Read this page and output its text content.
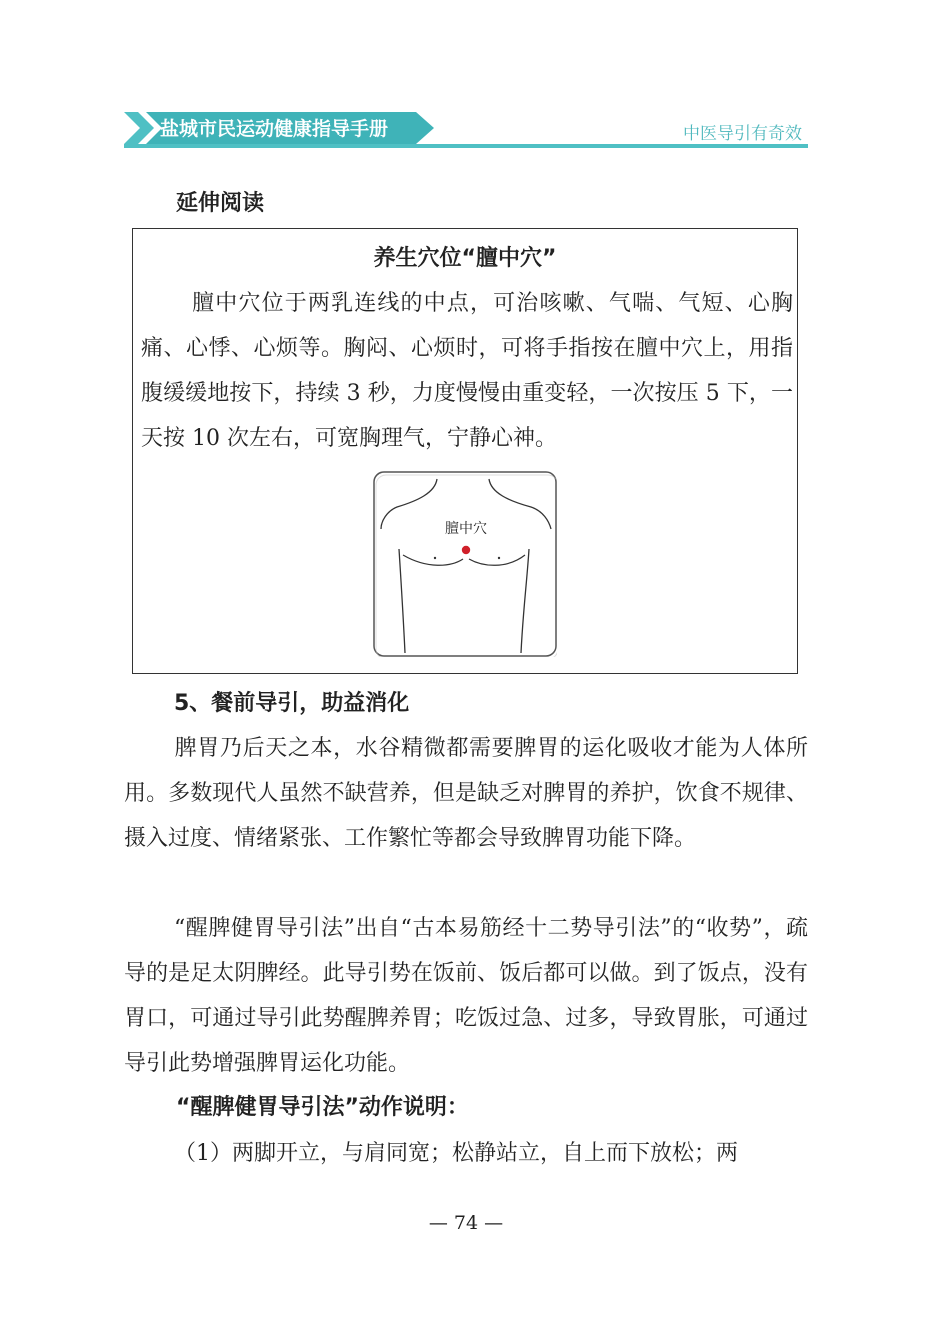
盐城市民运动健康指导手册	中医导引有奇效
延伸阅读
养生穴位“膻中穴”
膻中穴位于两乳连线的中点，可治咳嗽、气喘、气短、心胸痛、心悸、心烦等。胸闷、心烦时，可将手指按在膻中穴上，用指腹缓缓地按下，持续 3 秒，力度慢慢由重变轻，一次按压 5 下，一天按 10 次左右，可宽胸理气，宁静心神。
膻中穴
5、餐前导引，助益消化
脾胃乃后天之本，水谷精微都需要脾胃的运化吸收才能为人体所用。多数现代人虽然不缺营养，但是缺乏对脾胃的养护，饮食不规律、摄入过度、情绪紧张、工作繁忙等都会导致脾胃功能下降。
“醒脾健胃导引法”出自“古本易筋经十二势导引法”的“收势”，疏导的是足太阴脾经。此导引势在饭前、饭后都可以做。到了饭点，没有胃口，可通过导引此势醒脾养胃；吃饭过急、过多，导致胃胀，可通过导引此势增强脾胃运化功能。
“醒脾健胃导引法”动作说明：
（1）两脚开立，与肩同宽；松静站立，自上而下放松；两
— 74 —
